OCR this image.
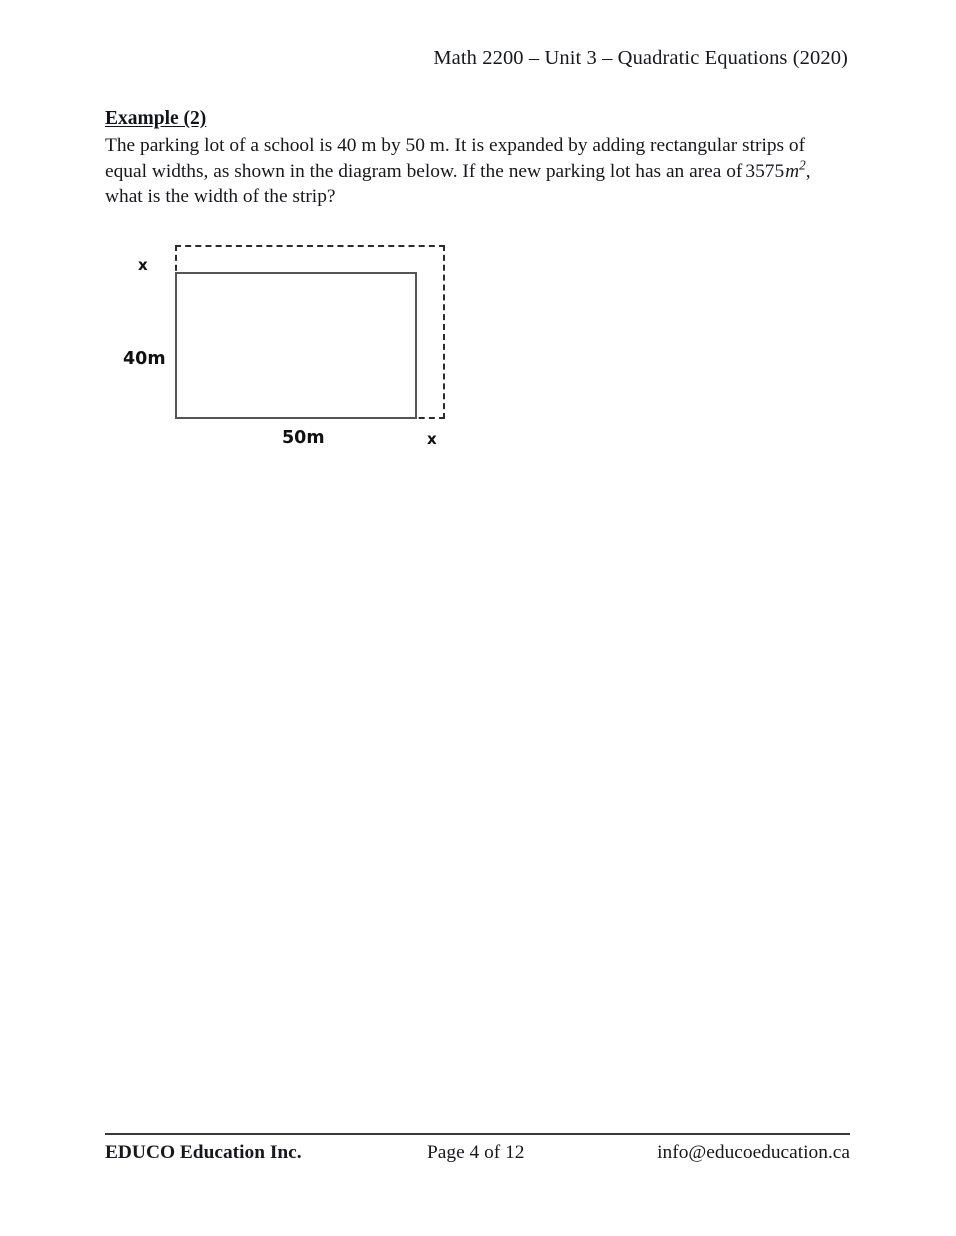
Math 2200 – Unit 3 – Quadratic Equations (2020)
Example (2)
The parking lot of a school is 40 m by 50 m. It is expanded by adding rectangular strips of equal widths, as shown in the diagram below. If the new parking lot has an area of $3575m^2$, what is the width of the strip?
x
40m
50m	x
EDUCO Education Inc.	Page 4 of 12	info@educoeducation.ca
